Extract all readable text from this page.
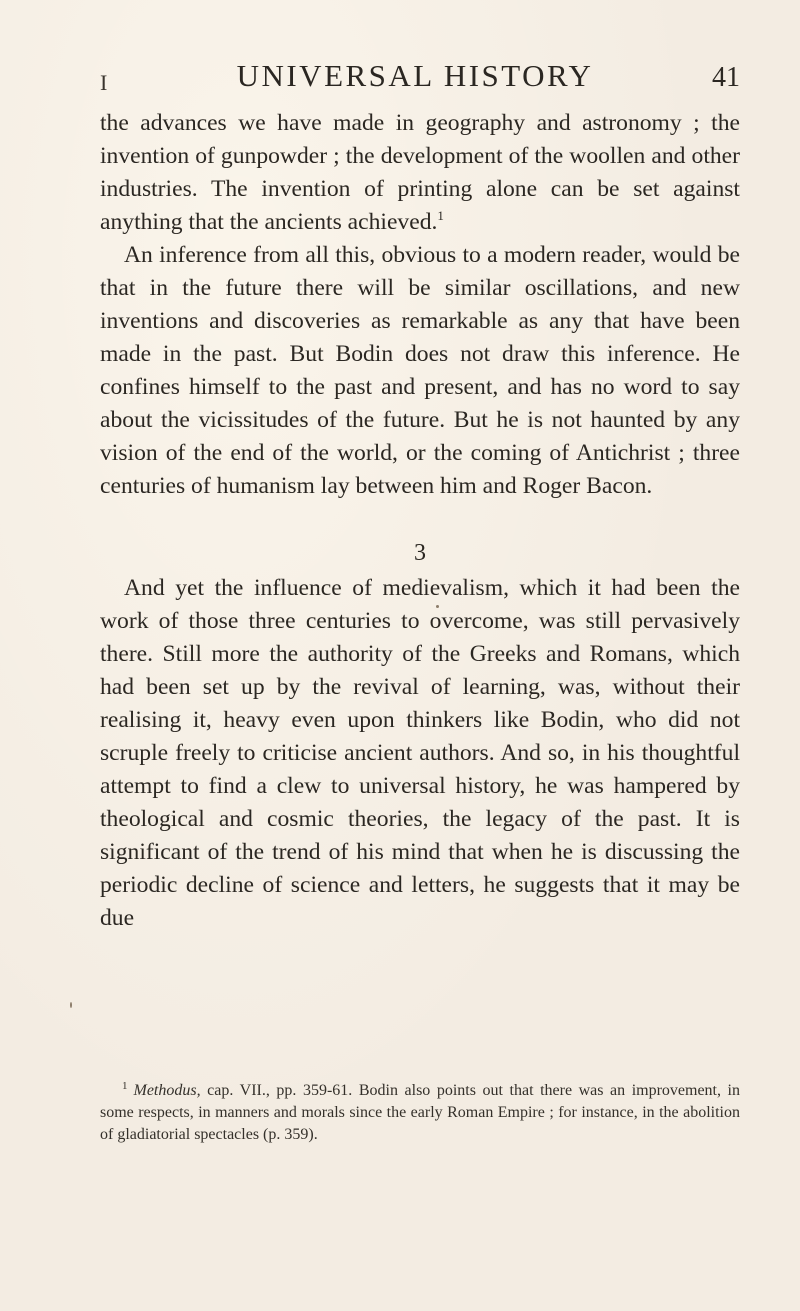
I	UNIVERSAL HISTORY	41

the advances we have made in geography and astronomy ; the invention of gunpowder ; the development of the woollen and other industries. The invention of printing alone can be set against anything that the ancients achieved.$^1$

An inference from all this, obvious to a modern reader, would be that in the future there will be similar oscillations, and new inventions and discoveries as remarkable as any that have been made in the past. But Bodin does not draw this inference. He confines himself to the past and present, and has no word to say about the vicissitudes of the future. But he is not haunted by any vision of the end of the world, or the coming of Antichrist ; three centuries of humanism lay between him and Roger Bacon.

3

And yet the influence of medievalism, which it had been the work of those three centuries to overcome, was still pervasively there. Still more the authority of the Greeks and Romans, which had been set up by the revival of learning, was, without their realising it, heavy even upon thinkers like Bodin, who did not scruple freely to criticise ancient authors. And so, in his thoughtful attempt to find a clew to universal history, he was hampered by theological and cosmic theories, the legacy of the past. It is significant of the trend of his mind that when he is discussing the periodic decline of science and letters, he suggests that it may be due

$^1$ Methodus, cap. VII., pp. 359-61. Bodin also points out that there was an improvement, in some respects, in manners and morals since the early Roman Empire ; for instance, in the abolition of gladiatorial spectacles (p. 359).
